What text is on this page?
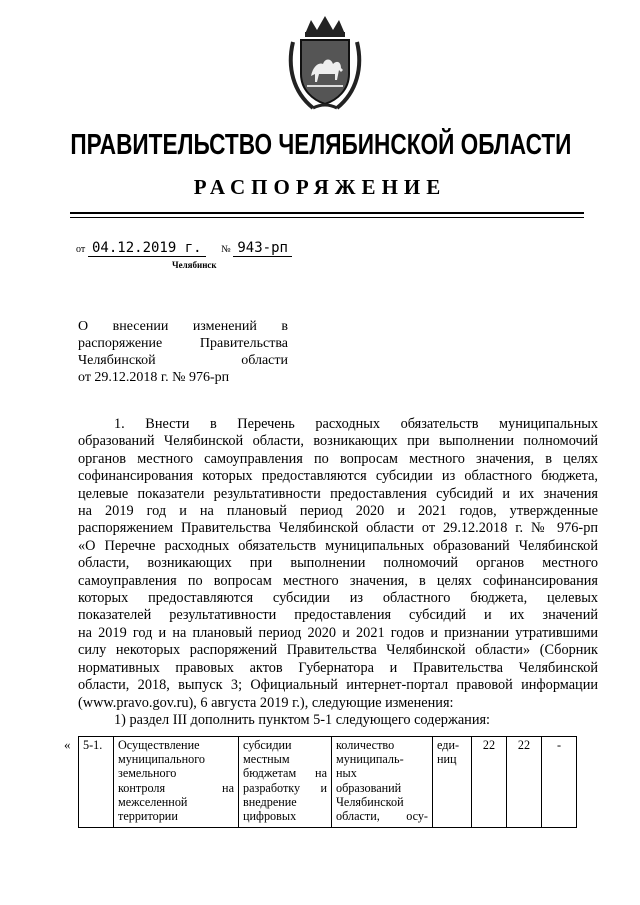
ПРАВИТЕЛЬСТВО ЧЕЛЯБИНСКОЙ ОБЛАСТИ
РАСПОРЯЖЕНИЕ
от 04.12.2019 г. № 943-рп
Челябинск
О внесении изменений в
распоряжение Правительства
Челябинской области
от 29.12.2018 г. № 976-рп
1. Внести в Перечень расходных обязательств муниципальных
образований Челябинской области, возникающих при выполнении полномочий
органов местного самоуправления по вопросам местного значения, в целях
софинансирования которых предоставляются субсидии из областного бюджета,
целевые показатели результативности предоставления субсидий и их значения
на 2019 год и на плановый период 2020 и 2021 годов, утвержденные
распоряжением Правительства Челябинской области от 29.12.2018 г. № 976-рп
«О Перечне расходных обязательств муниципальных образований Челябинской
области, возникающих при выполнении полномочий органов местного
самоуправления по вопросам местного значения, в целях софинансирования
которых предоставляются субсидии из областного бюджета, целевых
показателей результативности предоставления субсидий и их значений
на 2019 год и на плановый период 2020 и 2021 годов и признании утратившими
силу некоторых распоряжений Правительства Челябинской области» (Сборник
нормативных правовых актов Губернатора и Правительства Челябинской
области, 2018, выпуск 3; Официальный интернет-портал правовой информации
(www.pravo.gov.ru), 6 августа 2019 г.), следующие изменения:
1) раздел III дополнить пунктом 5-1 следующего содержания:
« 5-1.	Осуществление
муниципального
земельного
контроля на
межселенной
территории

субсидии
местным
бюджетам на
разработку и
внедрение
цифровых

количество
муниципаль-
ных
образований
Челябинской
области, осу-
	еди-
ниц	22	22	-
